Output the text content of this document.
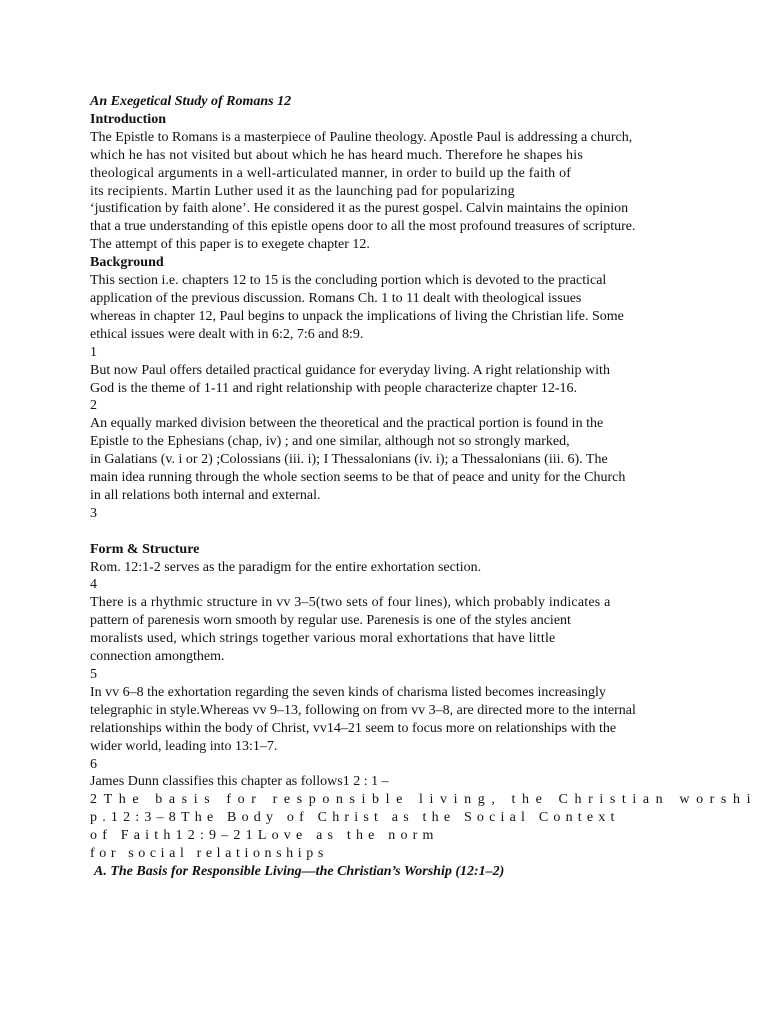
An Exegetical Study of Romans 12

Introduction

The Epistle to Romans is a masterpiece of Pauline theology. Apostle Paul is addressing a church,

which he has not visited but about which he has heard much. Therefore he shapes his

theological arguments in a well-articulated manner, in order to build up the faith of

its recipients. Martin Luther used it as the launching pad for popularizing

‘justification by faith alone’. He considered it as the purest gospel. Calvin maintains the opinion

that a true understanding of this epistle opens door to all the most profound treasures of scripture.

The attempt of this paper is to exegete chapter 12.

Background

This section i.e. chapters 12 to 15 is the concluding portion which is devoted to the practical

application of the previous discussion. Romans Ch. 1 to 11 dealt with theological issues

whereas in chapter 12, Paul begins to unpack the implications of living the Christian life. Some

ethical issues were dealt with in 6:2, 7:6 and 8:9.

1

But now Paul offers detailed practical guidance for everyday living. A right relationship with

God is the theme of 1-11 and right relationship with people characterize chapter 12-16.

2

An equally marked division between the theoretical and the practical portion is found in the

Epistle to the Ephesians (chap, iv) ; and one similar, although not so strongly marked,

in Galatians (v. i or 2) ;Colossians (iii. i); I Thessalonians (iv. i); a Thessalonians (iii. 6). The

main idea running through the whole section seems to be that of peace and unity for the Church

in all relations both internal and external.

3

Form & Structure

Rom. 12:1-2 serves as the paradigm for the entire exhortation section.

4

There is a rhythmic structure in vv 3–5(two sets of four lines), which probably indicates a

pattern of parenesis worn smooth by regular use. Parenesis is one of the styles ancient

moralists used, which strings together various moral exhortations that have little

connection amongthem.

5

In vv 6–8 the exhortation regarding the seven kinds of charisma listed becomes increasingly

telegraphic in style.Whereas vv 9–13, following on from vv 3–8, are directed more to the internal

relationships within the body of Christ, vv14–21 seem to focus more on relationships with the

wider world, leading into 13:1–7.

6

James Dunn classifies this chapter as follows1 2 : 1 –

2The basis for responsible living, the Christian worshi

p.12:3–8The Body of Christ as the Social Context

of Faith12:9–21Love as the norm

for social relationships

A. The Basis for Responsible Living—the Christian’s Worship (12:1–2)
